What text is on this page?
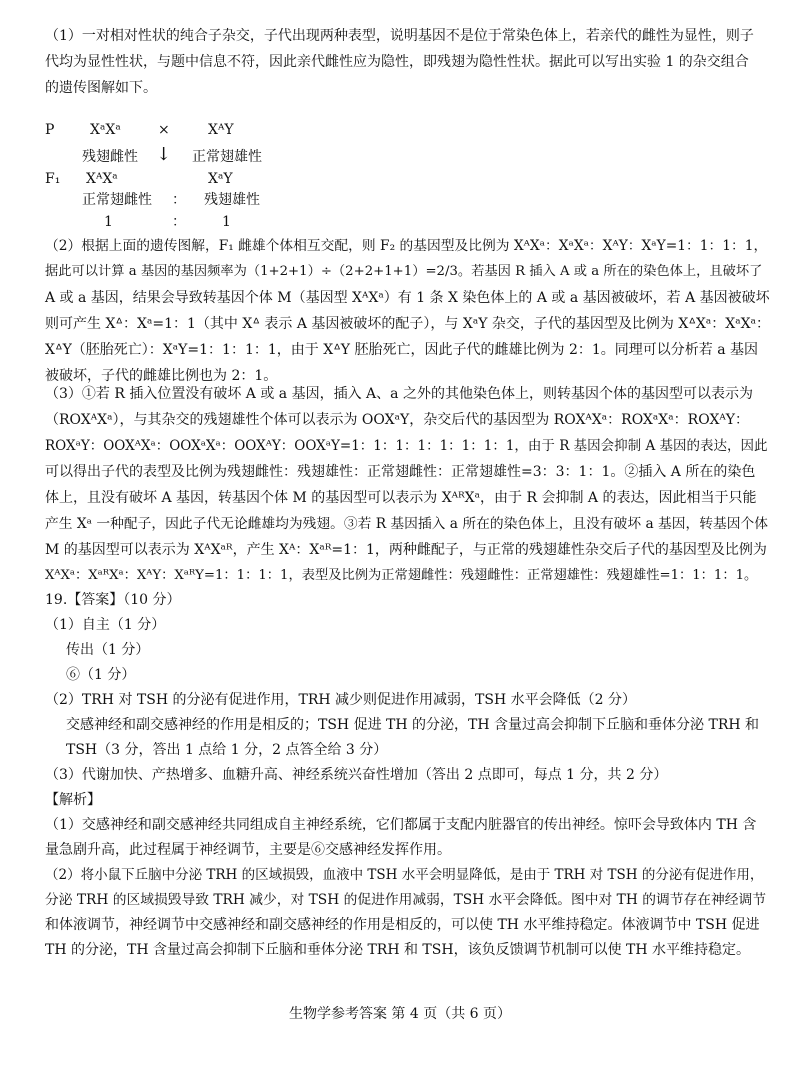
（1）一对相对性状的纯合子杂交，子代出现两种表型，说明基因不是位于常染色体上，若亲代的雌性为显性，则子
代均为显性性状，与题中信息不符，因此亲代雌性应为隐性，即残翅为隐性性状。据此可以写出实验 1 的杂交组合
的遗传图解如下。
P	XᵃXᵃ	×	XᴬY
残翅雌性 ↓ 正常翅雄性
F₁ XᴬXᵃ	XᵃY
正常翅雌性 ： 残翅雄性
1	：	1
（2）根据上面的遗传图解，F₁ 雌雄个体相互交配，则 F₂ 的基因型及比例为 XᴬXᵃ：XᵃXᵃ：XᴬY：XᵃY=1：1：1：1，
据此可以计算 a 基因的基因频率为（1+2+1）÷（2+2+1+1）=2/3。若基因 R 插入 A 或 a 所在的染色体上，且破坏了
A 或 a 基因，结果会导致转基因个体 M（基因型 XᴬXᵃ）有 1 条 X 染色体上的 A 或 a 基因被破坏，若 A 基因被破坏
则可产生 Xᐞ：Xᵃ=1：1（其中 Xᐞ 表示 A 基因被破坏的配子），与 XᵃY 杂交，子代的基因型及比例为 XᐞXᵃ：XᵃXᵃ：
XᐞY（胚胎死亡）：XᵃY=1：1：1：1，由于 XᐞY 胚胎死亡，因此子代的雌雄比例为 2：1。同理可以分析若 a 基因
被破坏，子代的雌雄比例也为 2：1。
（3）①若 R 插入位置没有破坏 A 或 a 基因，插入 A、a 之外的其他染色体上，则转基因个体的基因型可以表示为
（ROXᴬXᵃ），与其杂交的残翅雄性个体可以表示为 OOXᵃY，杂交后代的基因型为 ROXᴬXᵃ：ROXᵃXᵃ：ROXᴬY：
ROXᵃY：OOXᴬXᵃ：OOXᵃXᵃ：OOXᴬY：OOXᵃY=1：1：1：1：1：1：1：1，由于 R 基因会抑制 A 基因的表达，因此
可以得出子代的表型及比例为残翅雌性：残翅雄性：正常翅雌性：正常翅雄性=3：3：1：1。②插入 A 所在的染色
体上，且没有破坏 A 基因，转基因个体 M 的基因型可以表示为 XᴬᴿXᵃ，由于 R 会抑制 A 的表达，因此相当于只能
产生 Xᵃ 一种配子，因此子代无论雌雄均为残翅。③若 R 基因插入 a 所在的染色体上，且没有破坏 a 基因，转基因个体
M 的基因型可以表示为 XᴬXᵃᴿ，产生 Xᴬ：Xᵃᴿ=1：1，两种雌配子，与正常的残翅雄性杂交后子代的基因型及比例为
XᴬXᵃ：XᵃᴿXᵃ：XᴬY：XᵃᴿY=1：1：1：1，表型及比例为正常翅雌性：残翅雌性：正常翅雄性：残翅雄性=1：1：1：1。
19.【答案】（10 分）
（1）自主（1 分）
传出（1 分）
⑥（1 分）
（2）TRH 对 TSH 的分泌有促进作用，TRH 减少则促进作用减弱，TSH 水平会降低（2 分）
交感神经和副交感神经的作用是相反的；TSH 促进 TH 的分泌，TH 含量过高会抑制下丘脑和垂体分泌 TRH 和
TSH（3 分，答出 1 点给 1 分，2 点答全给 3 分）
（3）代谢加快、产热增多、血糖升高、神经系统兴奋性增加（答出 2 点即可，每点 1 分，共 2 分）
【解析】
（1）交感神经和副交感神经共同组成自主神经系统，它们都属于支配内脏器官的传出神经。惊吓会导致体内 TH 含
量急剧升高，此过程属于神经调节，主要是⑥交感神经发挥作用。
（2）将小鼠下丘脑中分泌 TRH 的区域损毁，血液中 TSH 水平会明显降低，是由于 TRH 对 TSH 的分泌有促进作用，
分泌 TRH 的区域损毁导致 TRH 减少，对 TSH 的促进作用减弱，TSH 水平会降低。图中对 TH 的调节存在神经调节
和体液调节，神经调节中交感神经和副交感神经的作用是相反的，可以使 TH 水平维持稳定。体液调节中 TSH 促进
TH 的分泌，TH 含量过高会抑制下丘脑和垂体分泌 TRH 和 TSH，该负反馈调节机制可以使 TH 水平维持稳定。
生物学参考答案 第 4 页（共 6 页）
